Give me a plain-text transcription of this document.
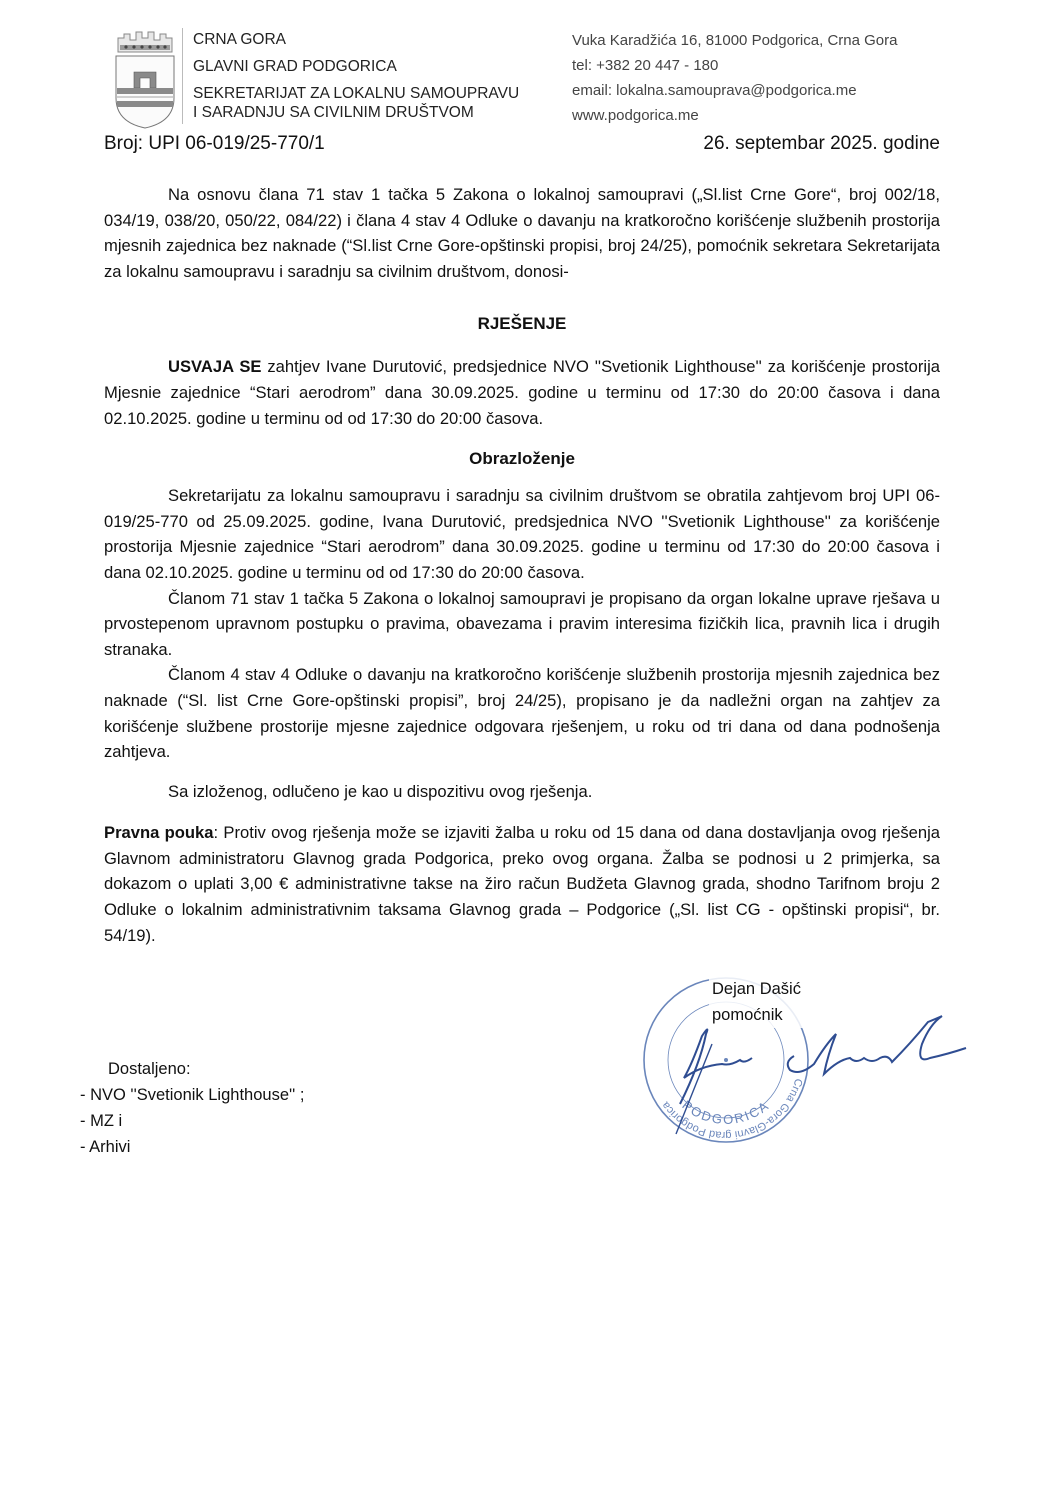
CRNA GORA
GLAVNI GRAD PODGORICA
SEKRETARIJAT ZA LOKALNU SAMOUPRAVU
I SARADNJU SA CIVILNIM DRUŠTVOM
Vuka Karadžića 16, 81000 Podgorica, Crna Gora
tel: +382 20 447 - 180
email: lokalna.samouprava@podgorica.me
www.podgorica.me
Broj: UPI 06-019/25-770/1	26. septembar 2025. godine

Na osnovu člana 71 stav 1 tačka 5 Zakona o lokalnoj samoupravi („Sl.list Crne Gore“, broj 002/18, 034/19, 038/20, 050/22, 084/22) i člana 4 stav 4 Odluke o davanju na kratkoročno korišćenje službenih prostorija mjesnih zajednica bez naknade (“Sl.list Crne Gore-opštinski propisi, broj 24/25), pomoćnik sekretara Sekretarijata za lokalnu samoupravu i saradnju sa civilnim društvom, donosi-

RJEŠENJE

USVAJA SE zahtjev Ivane Durutović, predsjednice NVO ''Svetionik Lighthouse'' za korišćenje prostorija Mjesnie zajednice “Stari aerodrom” dana 30.09.2025. godine u terminu od 17:30 do 20:00 časova i dana 02.10.2025. godine u terminu od od 17:30 do 20:00 časova.

Obrazloženje

Sekretarijatu za lokalnu samoupravu i saradnju sa civilnim društvom se obratila zahtjevom broj UPI 06-019/25-770 od 25.09.2025. godine, Ivana Durutović, predsjednica NVO ''Svetionik Lighthouse'' za korišćenje prostorija Mjesnie zajednice “Stari aerodrom” dana 30.09.2025. godine u terminu od 17:30 do 20:00 časova i dana 02.10.2025. godine u terminu od od 17:30 do 20:00 časova.

Članom 71 stav 1 tačka 5 Zakona o lokalnoj samoupravi je propisano da organ lokalne uprave rješava u prvostepenom upravnom postupku o pravima, obavezama i pravim interesima fizičkih lica, pravnih lica i drugih stranaka.

Članom 4 stav 4 Odluke o davanju na kratkoročno korišćenje službenih prostorija mjesnih zajednica bez naknade (“Sl. list Crne Gore-opštinski propisi”, broj 24/25), propisano je da nadležni organ na zahtjev za korišćenje službene prostorije mjesne zajednice odgovara rješenjem, u roku od tri dana od dana podnošenja zahtjeva.

Sa izloženog, odlučeno je kao u dispozitivu ovog rješenja.

Pravna pouka: Protiv ovog rješenja može se izjaviti žalba u roku od 15 dana od dana dostavljanja ovog rješenja Glavnom administratoru Glavnog grada Podgorica, preko ovog organa. Žalba se podnosi u 2 primjerka, sa dokazom o uplati 3,00 € administrativne takse na žiro račun Budžeta Glavnog grada, shodno Tarifnom broju 2 Odluke o lokalnim administrativnim taksama Glavnog grada – Podgorice („Sl. list CG - opštinski propisi“, br. 54/19).

Crna Gora-Glavni grad Podgorica PODGORICA
Dejan Dašić
pomoćnik
Dostaljeno:
- NVO ''Svetionik Lighthouse'' ;
- MZ i
- Arhivi
